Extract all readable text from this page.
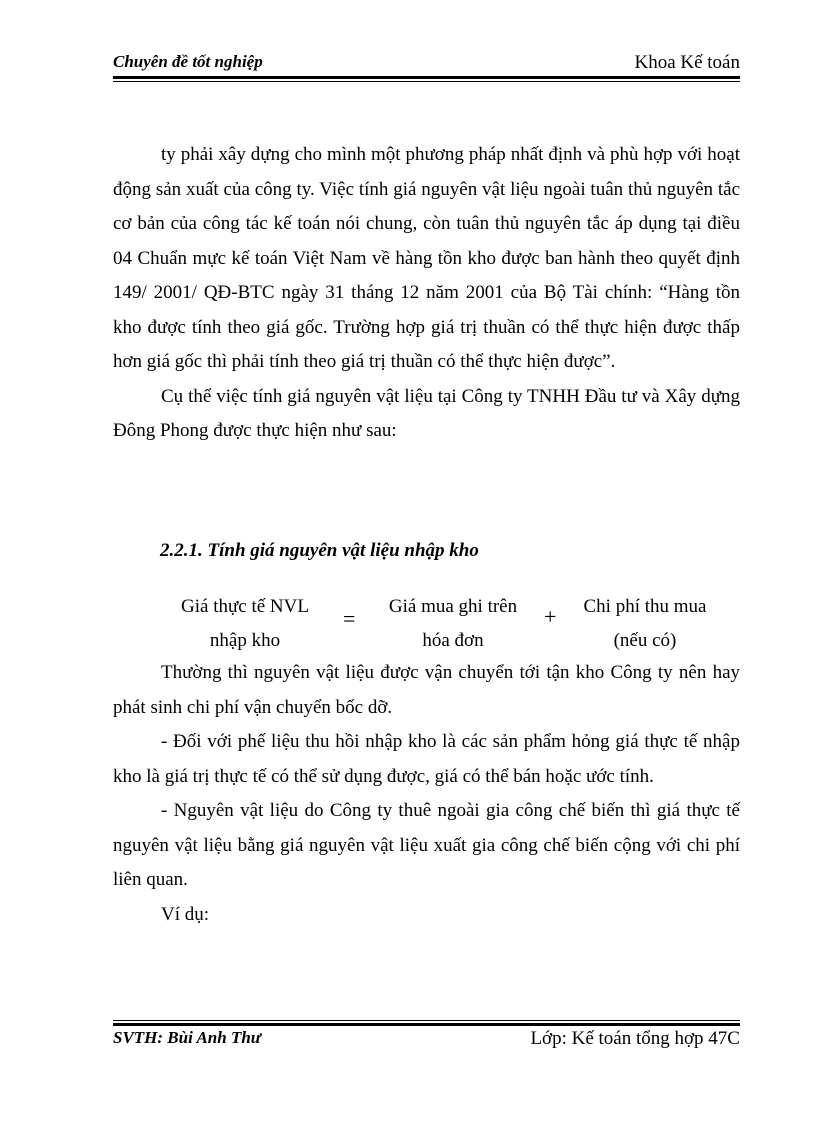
Chuyên đề tốt nghiệp	Khoa Kế toán

ty phải xây dựng cho mình một phương pháp nhất định và phù hợp với hoạt động sản xuất của công ty. Việc tính giá nguyên vật liệu ngoài tuân thủ nguyên tắc cơ bản của công tác kế toán nói chung, còn tuân thủ nguyên tắc áp dụng tại điều 04 Chuẩn mực kế toán Việt Nam về hàng tồn kho được ban hành theo quyết định 149/ 2001/ QĐ-BTC ngày 31 tháng 12 năm 2001 của Bộ Tài chính: “Hàng tồn kho được tính theo giá gốc. Trường hợp giá trị thuần có thể thực hiện được thấp hơn giá gốc thì phải tính theo giá trị thuần có thể thực hiện được”.

Cụ thể việc tính giá nguyên vật liệu tại Công ty TNHH Đầu tư và Xây dựng Đông Phong được thực hiện như sau:

2.2.1. Tính giá nguyên vật liệu nhập kho
Giá thực tế NVL
nhập kho
=	Giá mua ghi trên
hóa đơn
+	Chi phí thu mua
(nếu có)

Thường thì nguyên vật liệu được vận chuyển tới tận kho Công ty nên hay phát sinh chi phí vận chuyển bốc dỡ.

- Đối với phế liệu thu hồi nhập kho là các sản phẩm hỏng giá thực tế nhập kho là giá trị thực tế có thể sử dụng được, giá có thể bán hoặc ước tính.

- Nguyên vật liệu do Công ty thuê ngoài gia công chế biến thì giá thực tế nguyên vật liệu bằng giá nguyên vật liệu xuất gia công chế biến cộng với chi phí liên quan.

Ví dụ:

SVTH: Bùi Anh Thư	Lớp: Kế toán tổng hợp 47C
